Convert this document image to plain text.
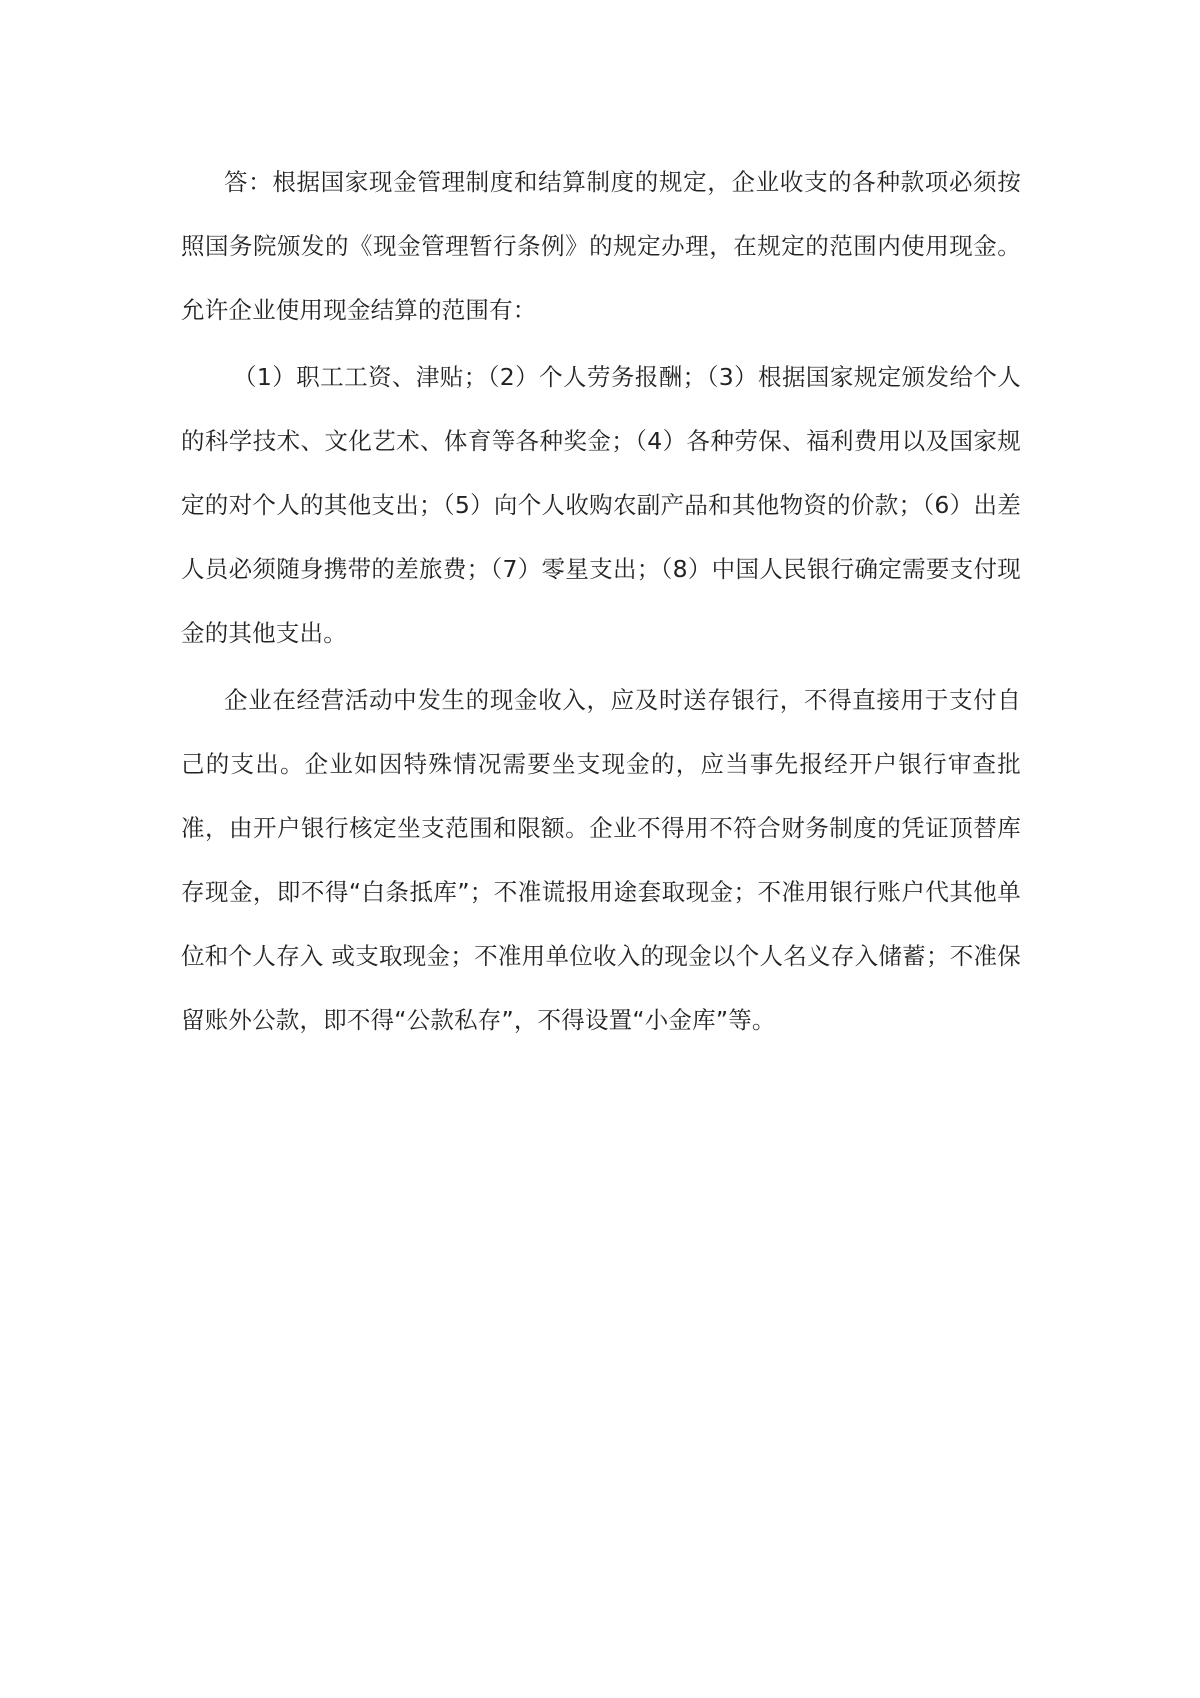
答：根据国家现金管理制度和结算制度的规定，企业收支的各种款项必须按照国务院颁发的《现金管理暂行条例》的规定办理，在规定的范围内使用现金。允许企业使用现金结算的范围有：

（1）职工工资、津贴；（2）个人劳务报酬；（3）根据国家规定颁发给个人的科学技术、文化艺术、体育等各种奖金；（4）各种劳保、福利费用以及国家规定的对个人的其他支出；（5）向个人收购农副产品和其他物资的价款；（6）出差人员必须随身携带的差旅费；（7）零星支出；（8）中国人民银行确定需要支付现金的其他支出。

企业在经营活动中发生的现金收入，应及时送存银行，不得直接用于支付自己的支出。企业如因特殊情况需要坐支现金的，应当事先报经开户银行审查批准，由开户银行核定坐支范围和限额。企业不得用不符合财务制度的凭证顶替库存现金，即不得“白条抵库”；不准谎报用途套取现金；不准用银行账户代其他单位和个人存入 或支取现金；不准用单位收入的现金以个人名义存入储蓄；不准保留账外公款，即不得“公款私存”，不得设置“小金库”等。
